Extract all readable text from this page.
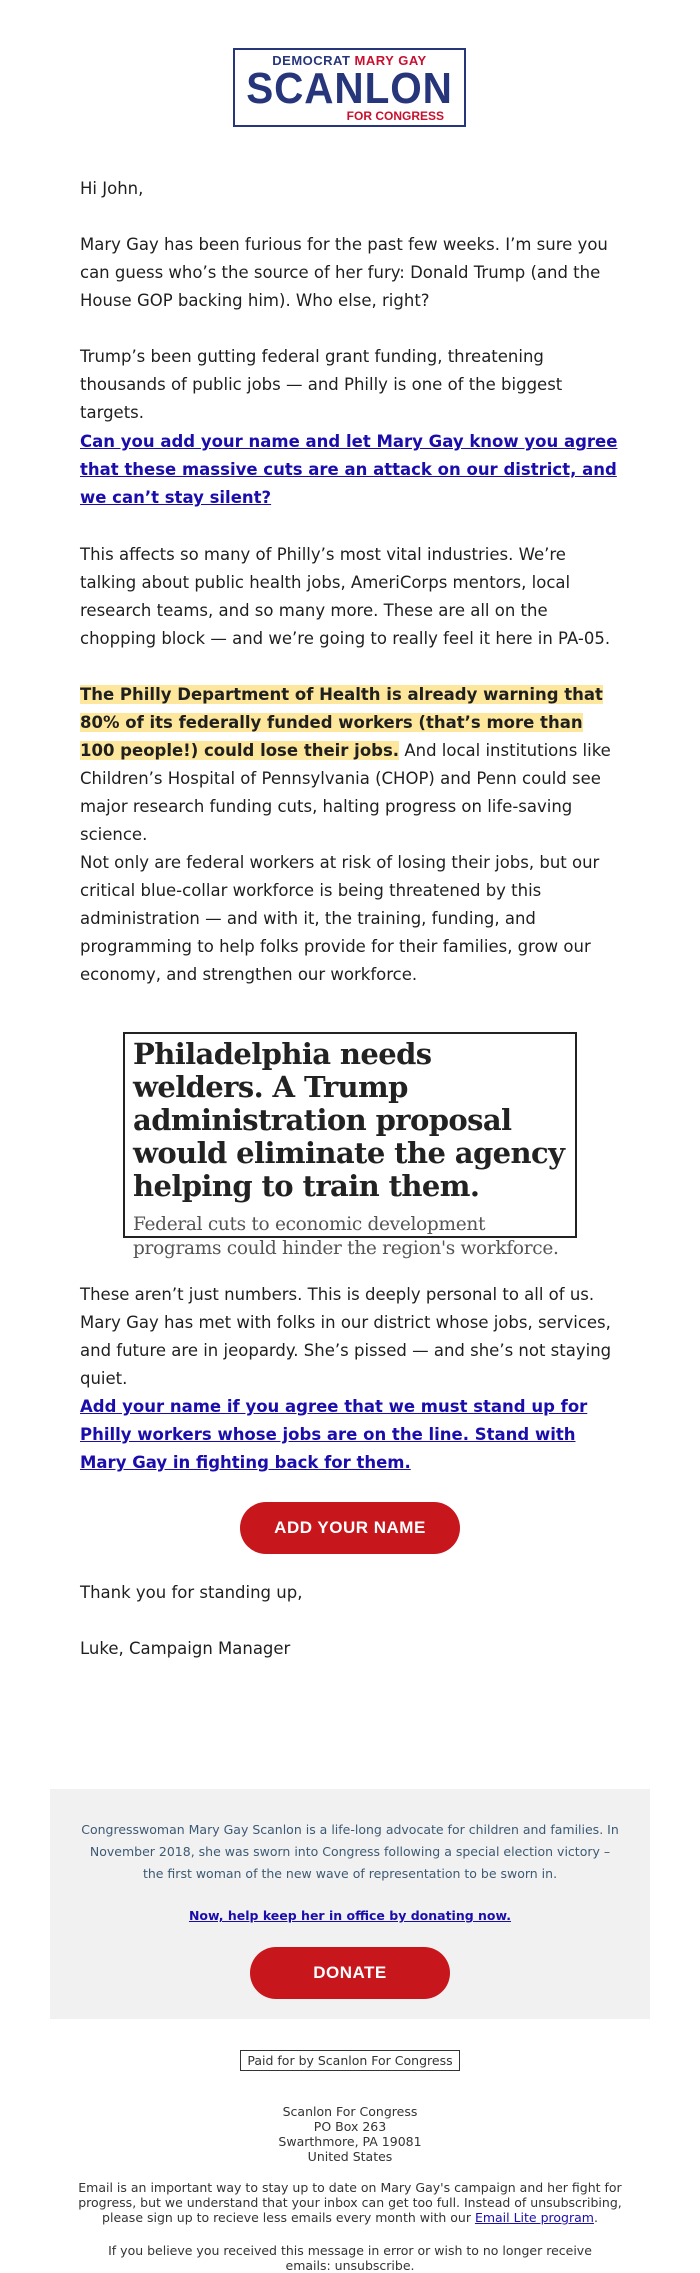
DEMOCRAT MARY GAY
SCANLON
FOR CONGRESS

Hi John,

Mary Gay has been furious for the past few weeks. I’m sure you can guess who’s the source of her fury: Donald Trump (and the House GOP backing him). Who else, right?

Trump’s been gutting federal grant funding, threatening thousands of public jobs — and Philly is one of the biggest targets.

Can you add your name and let Mary Gay know you agree that these massive cuts are an attack on our district, and we can’t stay silent?

This affects so many of Philly’s most vital industries. We’re talking about public health jobs, AmeriCorps mentors, local research teams, and so many more. These are all on the chopping block — and we’re going to really feel it here in PA-05.

The Philly Department of Health is already warning that 80% of its federally funded workers (that’s more than 100 people!) could lose their jobs. And local institutions like Children’s Hospital of Pennsylvania (CHOP) and Penn could see major research funding cuts, halting progress on life-saving science.

Not only are federal workers at risk of losing their jobs, but our critical blue-collar workforce is being threatened by this administration — and with it, the training, funding, and programming to help folks provide for their families, grow our economy, and strengthen our workforce.

Philadelphia needs welders. A Trump administration proposal would eliminate the agency helping to train them.
Federal cuts to economic development programs could hinder the region's workforce.

These aren’t just numbers. This is deeply personal to all of us. Mary Gay has met with folks in our district whose jobs, services, and future are in jeopardy. She’s pissed — and she’s not staying quiet.

Add your name if you agree that we must stand up for Philly workers whose jobs are on the line. Stand with Mary Gay in fighting back for them.

ADD YOUR NAME

Thank you for standing up,

Luke, Campaign Manager

Congresswoman Mary Gay Scanlon is a life-long advocate for children and families. In November 2018, she was sworn into Congress following a special election victory – the first woman of the new wave of representation to be sworn in.
Now, help keep her in office by donating now.
DONATE
Paid for by Scanlon For Congress
Scanlon For Congress
PO Box 263
Swarthmore, PA 19081
United States
Email is an important way to stay up to date on Mary Gay's campaign and her fight for progress, but we understand that your inbox can get too full. Instead of unsubscribing, please sign up to recieve less emails every month with our Email Lite program.
If you believe you received this message in error or wish to no longer receive emails: unsubscribe.
